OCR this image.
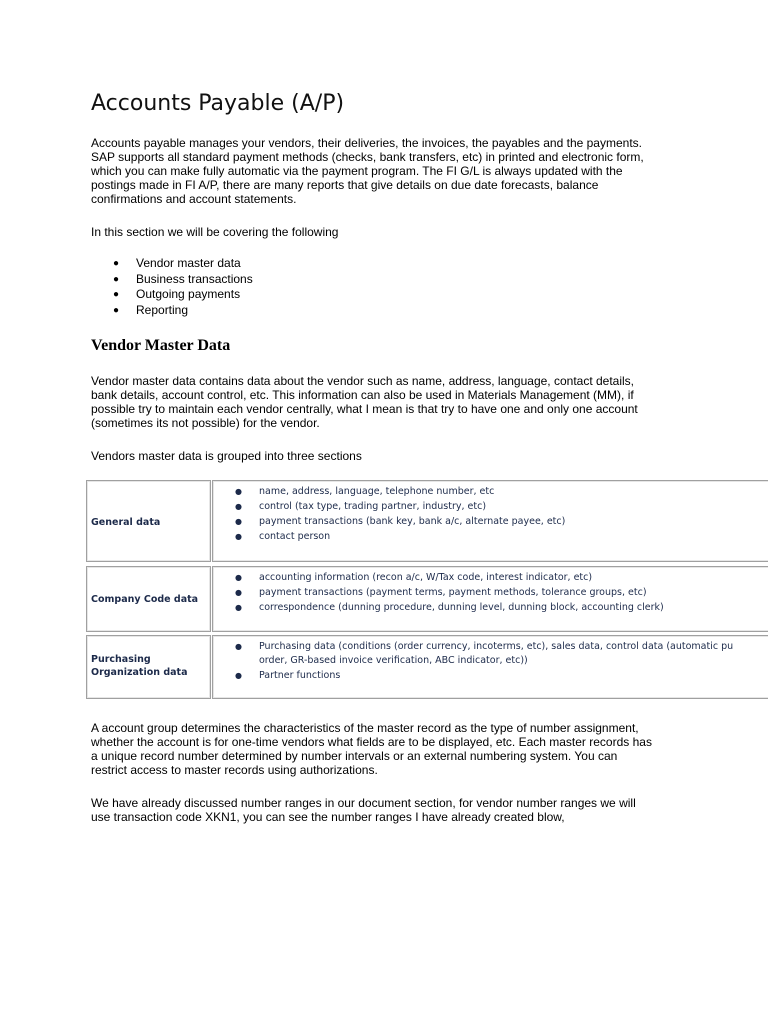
Accounts Payable (A/P)

Accounts payable manages your vendors, their deliveries, the invoices, the payables and the payments.
SAP supports all standard payment methods (checks, bank transfers, etc) in printed and electronic form,
which you can make fully automatic via the payment program. The FI G/L is always updated with the
postings made in FI A/P, there are many reports that give details on due date forecasts, balance
confirmations and account statements.

In this section we will be covering the following

● Vendor master data
● Business transactions
● Outgoing payments
● Reporting
Vendor Master Data

Vendor master data contains data about the vendor such as name, address, language, contact details,
bank details, account control, etc. This information can also be used in Materials Management (MM), if
possible try to maintain each vendor centrally, what I mean is that try to have one and only one account
(sometimes its not possible) for the vendor.

Vendors master data is grouped into three sections

General data
● name, address, language, telephone number, etc
● control (tax type, trading partner, industry, etc)
● payment transactions (bank key, bank a/c, alternate payee, etc)
● contact person
Company Code data
● accounting information (recon a/c, W/Tax code, interest indicator, etc)
● payment transactions (payment terms, payment methods, tolerance groups, etc)
● correspondence (dunning procedure, dunning level, dunning block, accounting clerk)
Purchasing
Organization data
● Purchasing data (conditions (order currency, incoterms, etc), sales data, control data (automatic pu
order, GR-based invoice verification, ABC indicator, etc))
● Partner functions

A account group determines the characteristics of the master record as the type of number assignment,
whether the account is for one-time vendors what fields are to be displayed, etc. Each master records has
a unique record number determined by number intervals or an external numbering system. You can
restrict access to master records using authorizations.

We have already discussed number ranges in our document section, for vendor number ranges we will
use transaction code XKN1, you can see the number ranges I have already created blow,
